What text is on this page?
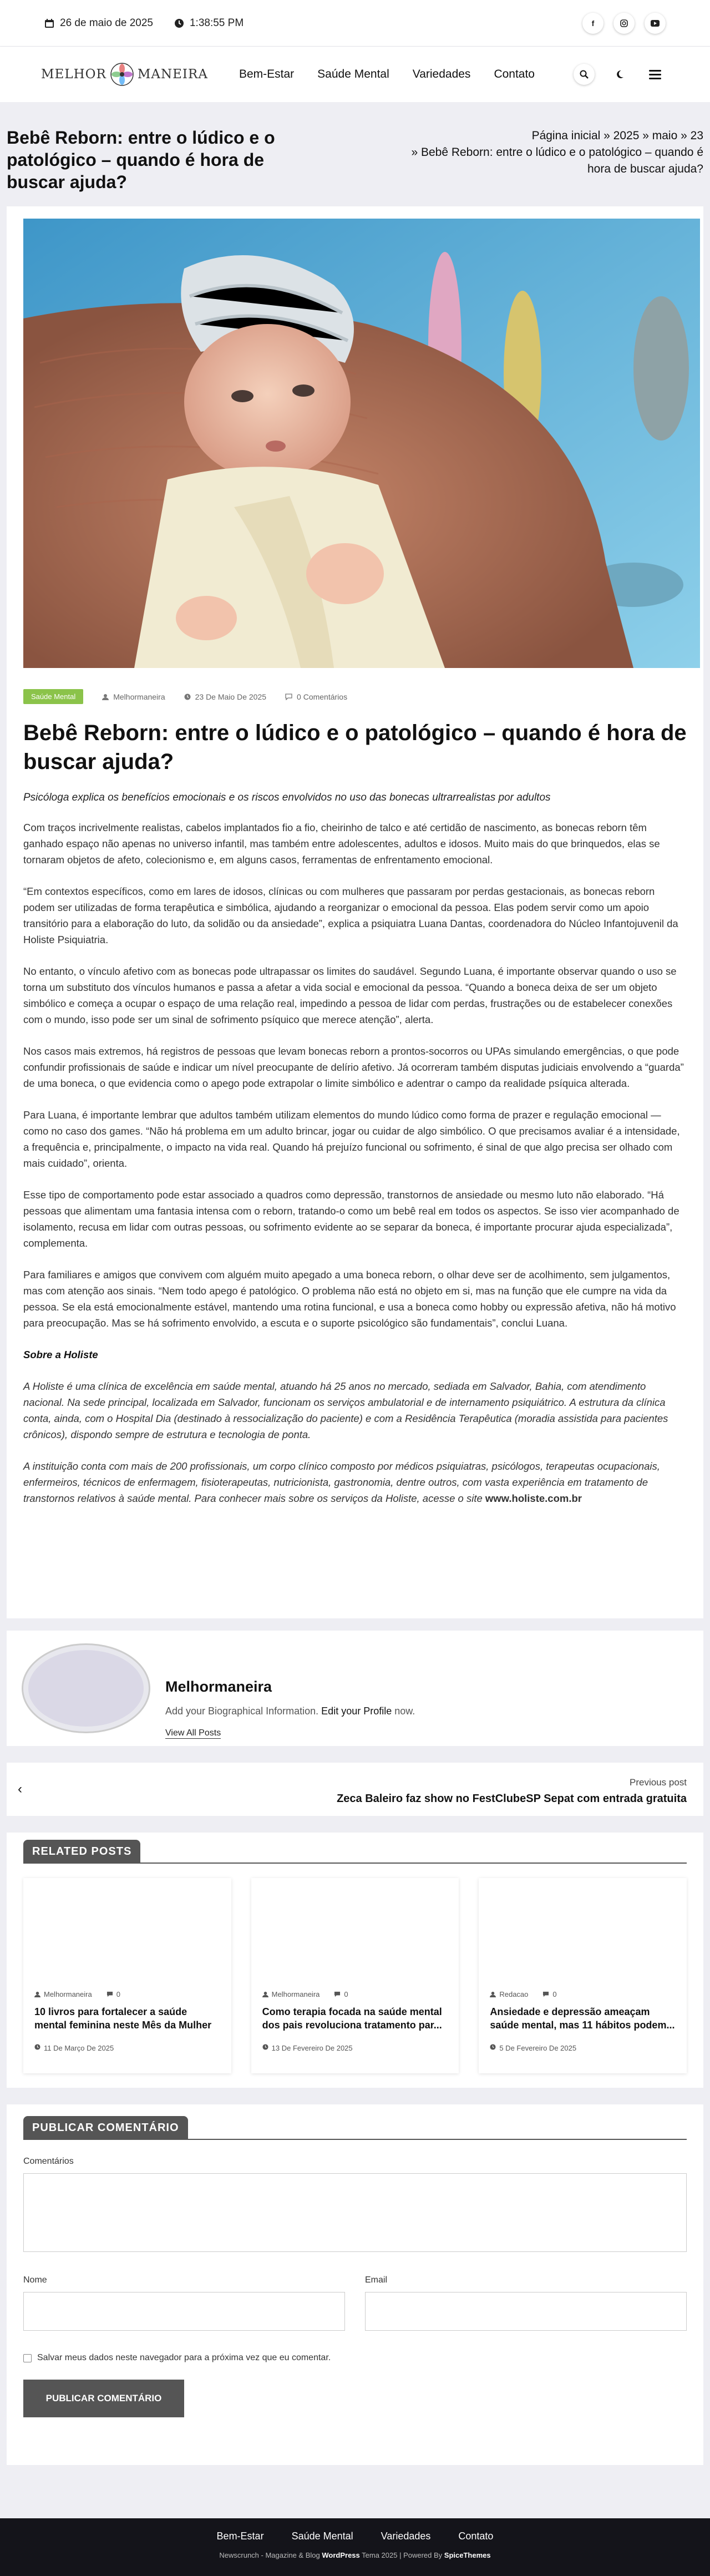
26 de maio de 2025	1:38:55 PM	f
MELHOR MANEIRA	Bem-Estar Saúde Mental Variedades Contato
Bebê Reborn: entre o lúdico e o patológico – quando é hora de buscar ajuda?
Página inicial » 2025 » maio » 23
» Bebê Reborn: entre o lúdico e o patológico – quando é hora de buscar ajuda?
Saúde Mental	Melhormaneira	23 De Maio De 2025	0 Comentários
Bebê Reborn: entre o lúdico e o patológico – quando é hora de buscar ajuda?
Psicóloga explica os benefícios emocionais e os riscos envolvidos no uso das bonecas ultrarrealistas por adultos

Com traços incrivelmente realistas, cabelos implantados fio a fio, cheirinho de talco e até certidão de nascimento, as bonecas reborn têm ganhado espaço não apenas no universo infantil, mas também entre adolescentes, adultos e idosos. Muito mais do que brinquedos, elas se tornaram objetos de afeto, colecionismo e, em alguns casos, ferramentas de enfrentamento emocional.

“Em contextos específicos, como em lares de idosos, clínicas ou com mulheres que passaram por perdas gestacionais, as bonecas reborn podem ser utilizadas de forma terapêutica e simbólica, ajudando a reorganizar o emocional da pessoa. Elas podem servir como um apoio transitório para a elaboração do luto, da solidão ou da ansiedade”, explica a psiquiatra Luana Dantas, coordenadora do Núcleo Infantojuvenil da Holiste Psiquiatria.

No entanto, o vínculo afetivo com as bonecas pode ultrapassar os limites do saudável. Segundo Luana, é importante observar quando o uso se torna um substituto dos vínculos humanos e passa a afetar a vida social e emocional da pessoa. “Quando a boneca deixa de ser um objeto simbólico e começa a ocupar o espaço de uma relação real, impedindo a pessoa de lidar com perdas, frustrações ou de estabelecer conexões com o mundo, isso pode ser um sinal de sofrimento psíquico que merece atenção”, alerta.

Nos casos mais extremos, há registros de pessoas que levam bonecas reborn a prontos-socorros ou UPAs simulando emergências, o que pode confundir profissionais de saúde e indicar um nível preocupante de delírio afetivo. Já ocorreram também disputas judiciais envolvendo a “guarda” de uma boneca, o que evidencia como o apego pode extrapolar o limite simbólico e adentrar o campo da realidade psíquica alterada.

Para Luana, é importante lembrar que adultos também utilizam elementos do mundo lúdico como forma de prazer e regulação emocional — como no caso dos games. “Não há problema em um adulto brincar, jogar ou cuidar de algo simbólico. O que precisamos avaliar é a intensidade, a frequência e, principalmente, o impacto na vida real. Quando há prejuízo funcional ou sofrimento, é sinal de que algo precisa ser olhado com mais cuidado”, orienta.

Esse tipo de comportamento pode estar associado a quadros como depressão, transtornos de ansiedade ou mesmo luto não elaborado. “Há pessoas que alimentam uma fantasia intensa com o reborn, tratando-o como um bebê real em todos os aspectos. Se isso vier acompanhado de isolamento, recusa em lidar com outras pessoas, ou sofrimento evidente ao se separar da boneca, é importante procurar ajuda especializada”, complementa.

Para familiares e amigos que convivem com alguém muito apegado a uma boneca reborn, o olhar deve ser de acolhimento, sem julgamentos, mas com atenção aos sinais. “Nem todo apego é patológico. O problema não está no objeto em si, mas na função que ele cumpre na vida da pessoa. Se ela está emocionalmente estável, mantendo uma rotina funcional, e usa a boneca como hobby ou expressão afetiva, não há motivo para preocupação. Mas se há sofrimento envolvido, a escuta e o suporte psicológico são fundamentais”, conclui Luana.

Sobre a Holiste

A Holiste é uma clínica de excelência em saúde mental, atuando há 25 anos no mercado, sediada em Salvador, Bahia, com atendimento nacional. Na sede principal, localizada em Salvador, funcionam os serviços ambulatorial e de internamento psiquiátrico. A estrutura da clínica conta, ainda, com o Hospital Dia (destinado à ressocialização do paciente) e com a Residência Terapêutica (moradia assistida para pacientes crônicos), dispondo sempre de estrutura e tecnologia de ponta.

A instituição conta com mais de 200 profissionais, um corpo clínico composto por médicos psiquiatras, psicólogos, terapeutas ocupacionais, enfermeiros, técnicos de enfermagem, fisioterapeutas, nutricionista, gastronomia, dentre outros, com vasta experiência em tratamento de transtornos relativos à saúde mental. Para conhecer mais sobre os serviços da Holiste, acesse o site www.holiste.com.br

Melhormaneira
Add your Biographical Information. Edit your Profile now.
View All Posts
‹	Previous post
Zeca Baleiro faz show no FestClubeSP Sepat com entrada gratuita
RELATED POSTS
Melhormaneira	0
10 livros para fortalecer a saúde mental feminina neste Mês da Mulher
11 De Março De 2025
Melhormaneira	0
Como terapia focada na saúde mental dos pais revoluciona tratamento par...
13 De Fevereiro De 2025
Redacao	0
Ansiedade e depressão ameaçam saúde mental, mas 11 hábitos podem...
5 De Fevereiro De 2025
PUBLICAR COMENTÁRIO
Comentários
Nome	Email
Salvar meus dados neste navegador para a próxima vez que eu comentar.
PUBLICAR COMENTÁRIO
Bem-Estar	Saúde Mental	Variedades	Contato
Newscrunch - Magazine & Blog WordPress Tema 2025 | Powered By SpiceThemes
